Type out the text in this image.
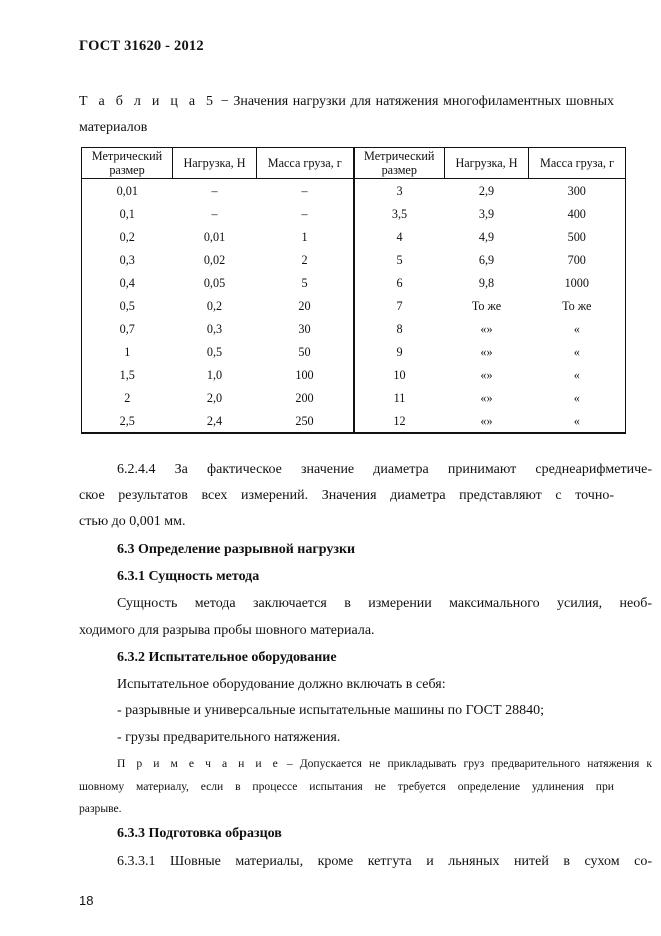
ГОСТ 31620 - 2012
Т а б л и ц а 5 − Значения нагрузки для натяжения многофиламентных шовных
материалов
Метрический размер	Нагрузка, Н	Масса груза, г	Метрический размер	Нагрузка, Н	Масса груза, г
0,01	–	–	3	2,9	300
0,1	–	–	3,5	3,9	400
0,2	0,01	1	4	4,9	500
0,3	0,02	2	5	6,9	700
0,4	0,05	5	6	9,8	1000
0,5	0,2	20	7	То же	То же
0,7	0,3	30	8	«»	«
1	0,5	50	9	«»	«
1,5	1,0	100	10	«»	«
2	2,0	200	11	«»	«
2,5	2,4	250	12	«»	«
6.2.4.4 За фактическое значение диаметра принимают среднеарифметиче-
ское результатов всех измерений. Значения диаметра представляют с точно-
стью до 0,001 мм.
6.3 Определение разрывной нагрузки
6.3.1 Сущность метода
Сущность метода заключается в измерении максимального усилия, необ-
ходимого для разрыва пробы шовного материала.
6.3.2 Испытательное оборудование
Испытательное оборудование должно включать в себя:
- разрывные и универсальные испытательные машины по ГОСТ 28840;
- грузы предварительного натяжения.
П р и м е ч а н и е – Допускается не прикладывать груз предварительного натяжения к
шовному материалу, если в процессе испытания не требуется определение удлинения при
разрыве.
6.3.3 Подготовка образцов
6.3.3.1 Шовные материалы, кроме кетгута и льняных нитей в сухом со-
18
